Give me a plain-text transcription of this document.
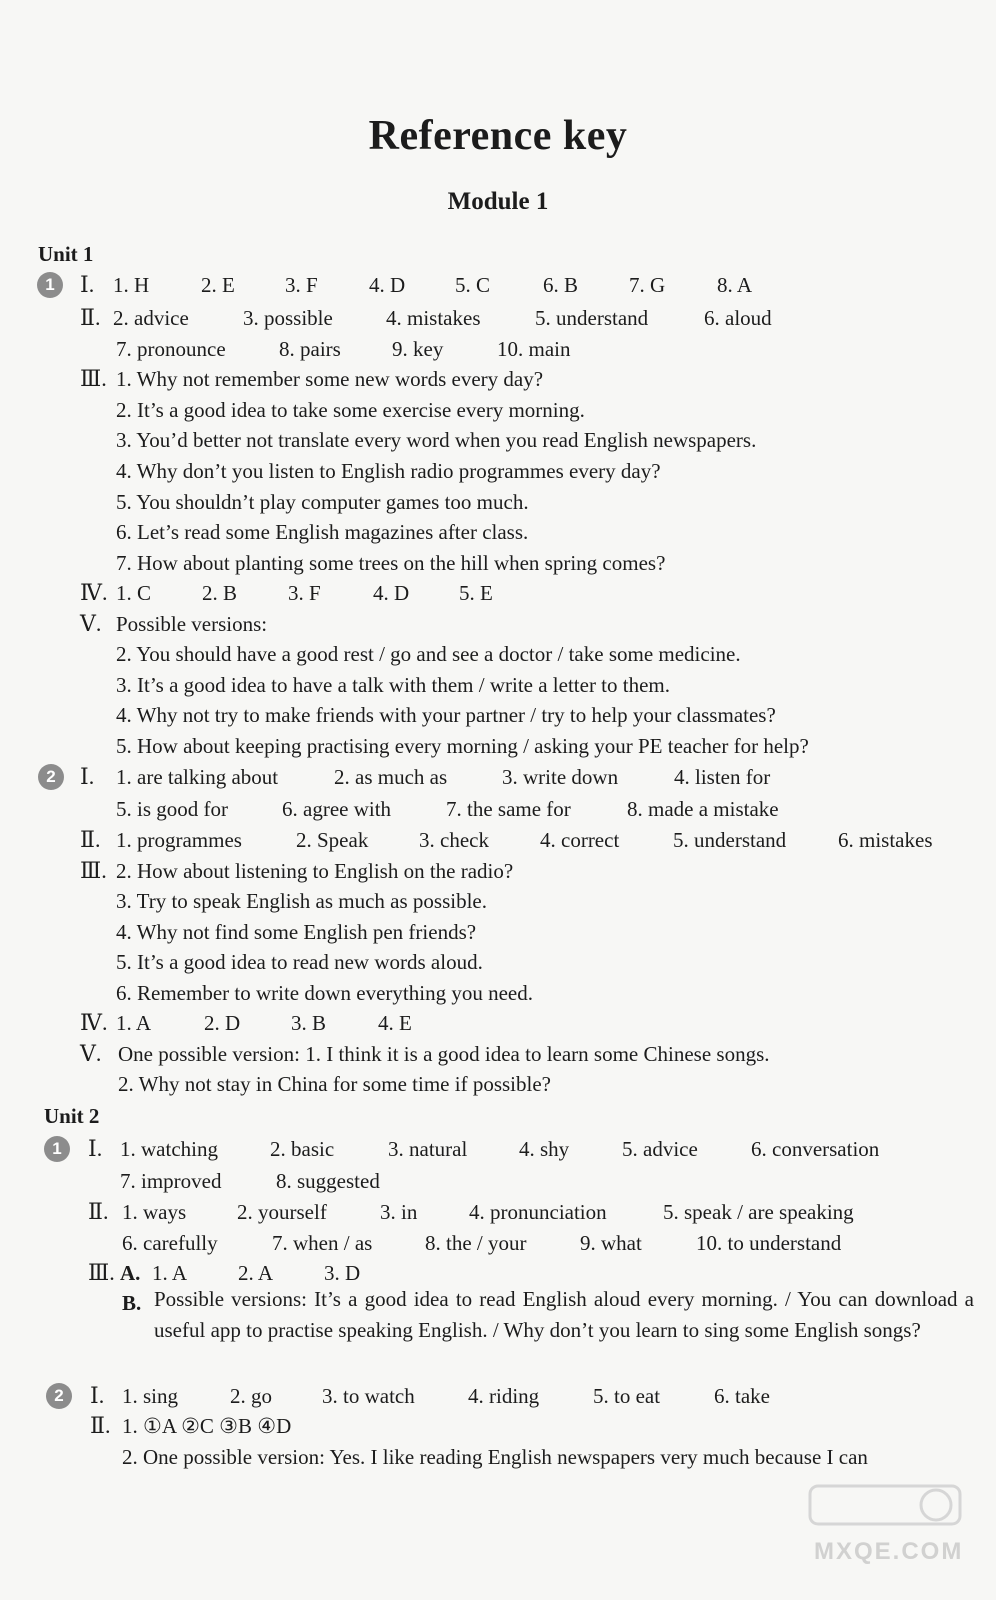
Reference key
Module 1
Unit 1
1	Ⅰ. 1. H 2. E 3. F 4. D 5. C	6. B 7. G 8. A
Ⅱ. 2. advice	3. possible	4. mistakes	5. understand	6. aloud
7. pronounce	8. pairs 9. key	10. main
Ⅲ. 1. Why not remember some new words every day?
2. It’s a good idea to take some exercise every morning.
3. You’d better not translate every word when you read English newspapers.
4. Why don’t you listen to English radio programmes every day?
5. You shouldn’t play computer games too much.
6. Let’s read some English magazines after class.
7. How about planting some trees on the hill when spring comes?
Ⅳ. 1. C 2. B 3. F 4. D 5. E
Ⅴ. Possible versions:
2. You should have a good rest / go and see a doctor / take some medicine.
3. It’s a good idea to have a talk with them / write a letter to them.
4. Why not try to make friends with your partner / try to help your classmates?
5. How about keeping practising every morning / asking your PE teacher for help?
2	Ⅰ. 1. are talking about	2. as much as	3. write down	4. listen for
5. is good for	6. agree with	7. the same for	8. made a mistake
Ⅱ. 1. programmes	2. Speak 3. check 4. correct	5. understand 6. mistakes
Ⅲ. 2. How about listening to English on the radio?
3. Try to speak English as much as possible.
4. Why not find some English pen friends?
5. It’s a good idea to read new words aloud.
6. Remember to write down everything you need.
Ⅳ. 1. A	2. D 3. B 4. E
Ⅴ. One possible version: 1. I think it is a good idea to learn some Chinese songs.
2. Why not stay in China for some time if possible?
Unit 2
1	Ⅰ. 1. watching 2. basic	3. natural 4. shy	5. advice	6. conversation
7. improved	8. suggested
Ⅱ. 1. ways 2. yourself	3. in 4. pronunciation	5. speak / are speaking
6. carefully	7. when / as	8. the / your	9. what	10. to understand
Ⅲ. A. 1. A 2. A 3. D
B. Possible versions: It’s a good idea to read English aloud every morning. / You can download a useful app to practise speaking English. / Why don’t you learn to sing some English songs?
2	Ⅰ. 1. sing 2. go 3. to watch	4. riding	5. to eat	6. take
Ⅱ. 1. ①A ②C ③B ④D
2. One possible version: Yes. I like reading English newspapers very much because I can
MXQE.COM
